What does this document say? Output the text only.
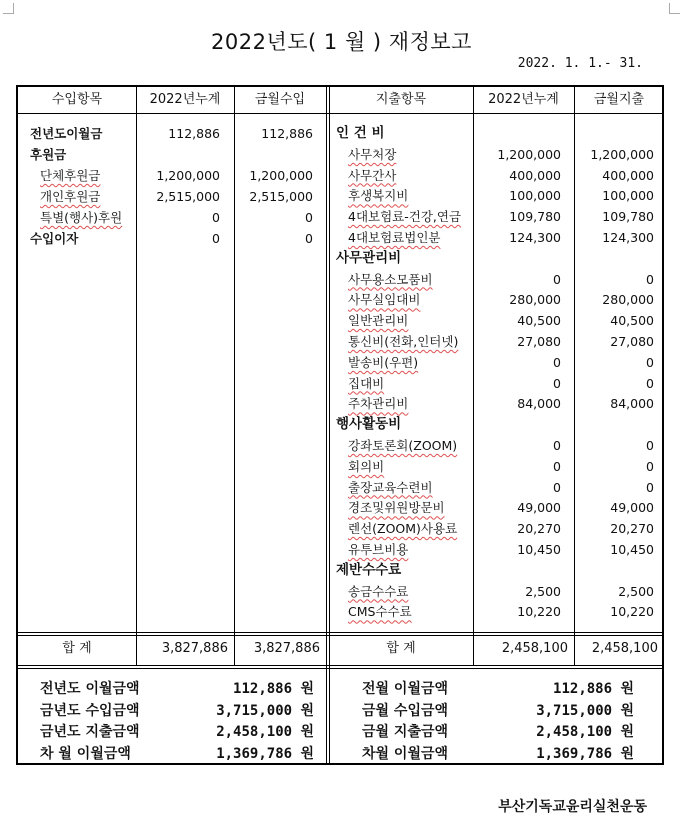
2022년도( 1 월 ) 재정보고
2022. 1. 1.- 31.
수입항목	2022년누계	금월수입	지출항목	2022년누계	금월지출
전년도이월금	112,886	112,886
후원금
단체후원금	1,200,000 1,200,000
개인후원금	2,515,000 2,515,000
특별(행사)후원	0	0
수입이자	0	0
인 건 비
사무처장	1,200,000 1,200,000
사무간사	400,000	400,000
후생복지비	100,000	100,000
4대보험료-건강,연금	109,780	109,780
4대보험료법인분	124,300	124,300
사무관리비
사무용소모품비	0	0
사무실임대비	280,000	280,000
일반관리비	40,500	40,500
통신비(전화,인터넷)	27,080	27,080
발송비(우편)	0	0
집대비	0	0
주차관리비	84,000	84,000
행사활동비
강좌토론회(ZOOM)	0	0
회의비	0	0
출장교육수련비	0	0
경조및위원방문비	49,000	49,000
렌선(ZOOM)사용료	20,270	20,270
유투브비용	10,450	10,450
제반수수료
송금수수료	2,500	2,500
CMS수수료	10,220	10,220
합 계	3,827,886	3,827,886	합 계	2,458,100	2,458,100
전년도 이월금액	112,886 원
금년도 수입금액	3,715,000 원
금년도 지출금액	2,458,100 원
차 월 이월금액	1,369,786 원
전월 이월금액	112,886 원
금월 수입금액	3,715,000 원
금월 지출금액	2,458,100 원
차월 이월금액	1,369,786 원
부산기독교윤리실천운동
